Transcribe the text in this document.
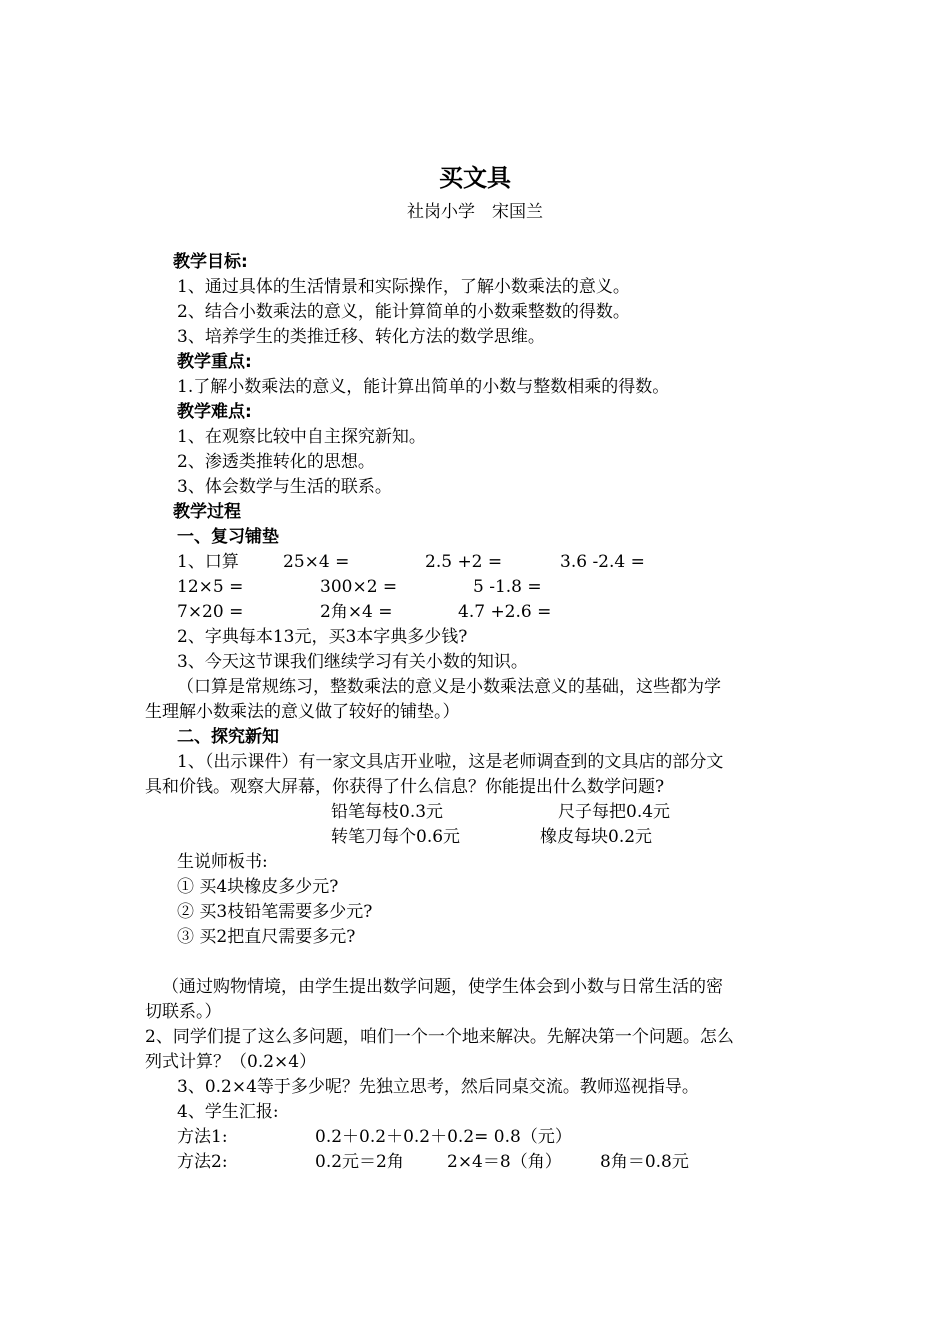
买文具
社岗小学　宋国兰
教学目标:
1、通过具体的生活情景和实际操作，了解小数乘法的意义。
2、结合小数乘法的意义，能计算简单的小数乘整数的得数。
3、培养学生的类推迁移、转化方法的数学思维。
教学重点:
1.了解小数乘法的意义，能计算出简单的小数与整数相乘的得数。
教学难点:
1、在观察比较中自主探究新知。
2、渗透类推转化的思想。
3、体会数学与生活的联系。
教学过程
一、复习铺垫
1、口算	25×4 =	2.5 +2 =	3.6 -2.4 =
12×5 =	300×2 =	5 -1.8 =
7×20 =	2角×4 =	4.7 +2.6 =
2、字典每本13元，买3本字典多少钱?
3、今天这节课我们继续学习有关小数的知识。
（口算是常规练习，整数乘法的意义是小数乘法意义的基础，这些都为学
生理解小数乘法的意义做了较好的铺垫。）
二、探究新知
1、（出示课件）有一家文具店开业啦，这是老师调查到的文具店的部分文
具和价钱。观察大屏幕，你获得了什么信息？你能提出什么数学问题?
铅笔每枝0.3元	尺子每把0.4元
转笔刀每个0.6元	橡皮每块0.2元
生说师板书:
① 买4块橡皮多少元?
② 买3枝铅笔需要多少元?
③ 买2把直尺需要多元?
（通过购物情境，由学生提出数学问题，使学生体会到小数与日常生活的密
切联系。）
2、同学们提了这么多问题，咱们一个一个地来解决。先解决第一个问题。怎么
列式计算？（0.2×4）
3、0.2×4等于多少呢？先独立思考，然后同桌交流。教师巡视指导。
4、学生汇报:
方法1:	0.2＋0.2＋0.2＋0.2= 0.8（元）
方法2:	0.2元＝2角	2×4＝8（角） 8角＝0.8元
